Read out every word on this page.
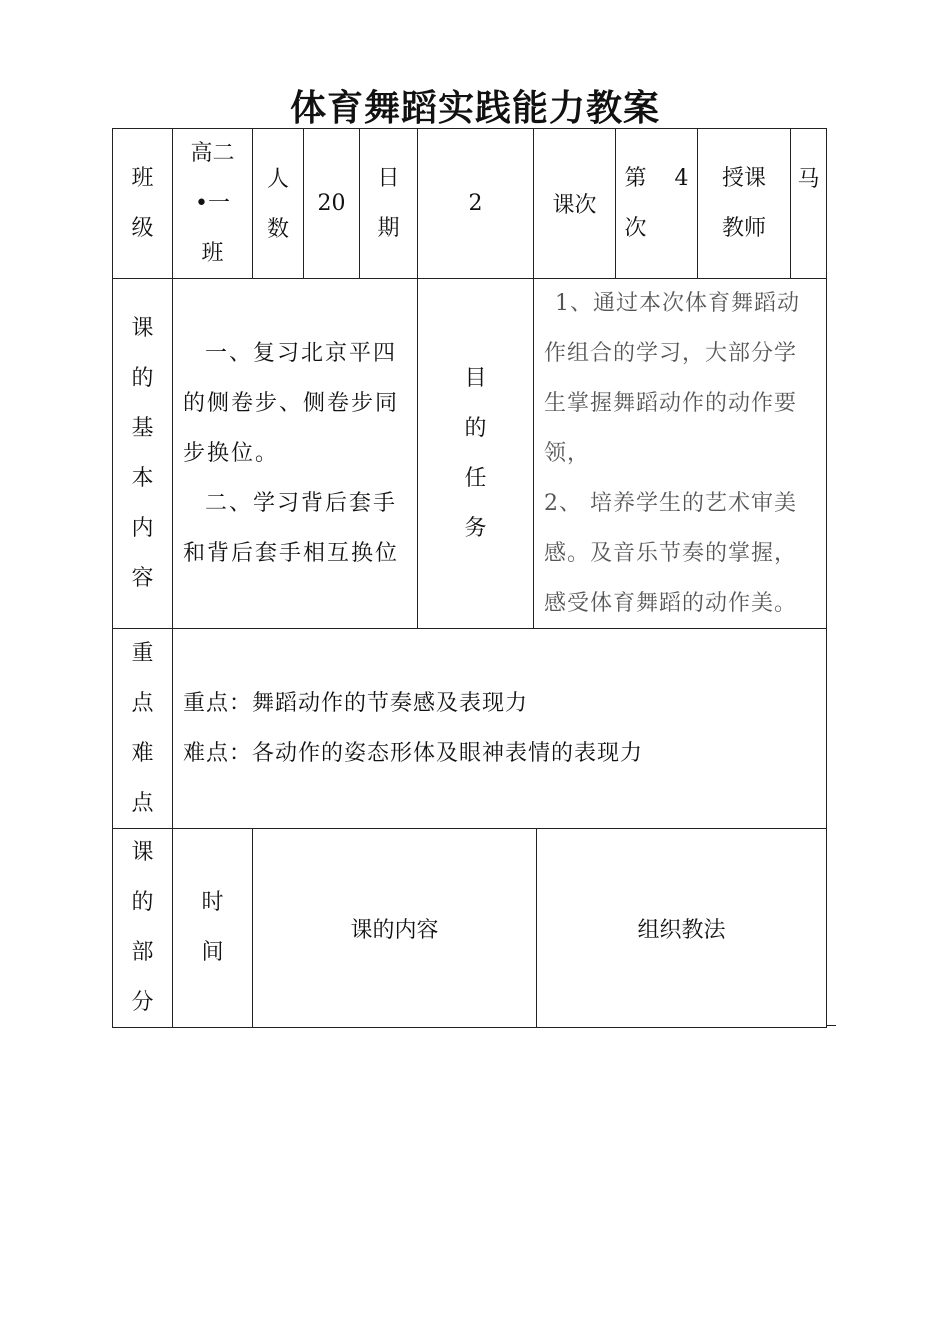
体育舞蹈实践能力教案
班级
高二•一班
人数
20
日期
2	课次
第 4 次
授课教师
马
课的基本内容
一、复习北京平四的侧卷步、侧卷步同步换位。
二、学习背后套手和背后套手相互换位
目的任务
1、通过本次体育舞蹈动作组合的学习，大部分学生掌握舞蹈动作的动作要领，
2、 培养学生的艺术审美感。及音乐节奏的掌握，感受体育舞蹈的动作美。
重点难点
重点：舞蹈动作的节奏感及表现力
难点：各动作的姿态形体及眼神表情的表现力
课的部分
时间
课的内容	组织教法
